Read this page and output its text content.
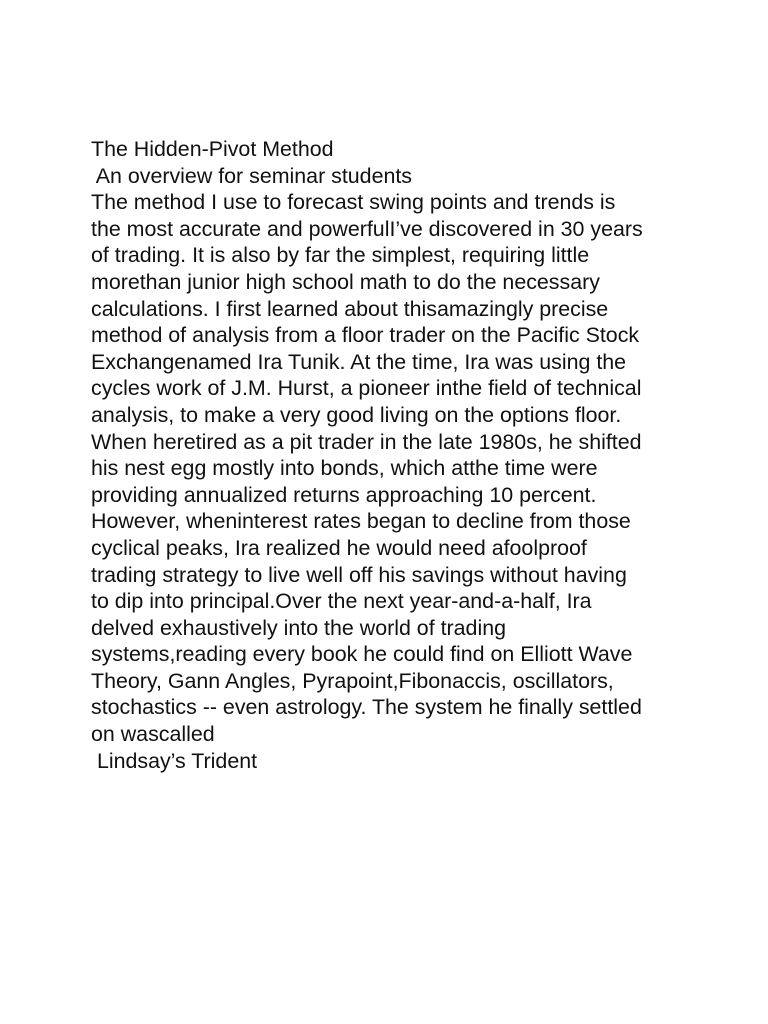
The Hidden-Pivot Method
An overview for seminar students
The method I use to forecast swing points and trends is
the most accurate and powerfulI’ve discovered in 30 years
of trading. It is also by far the simplest, requiring little
morethan junior high school math to do the necessary
calculations. I first learned about thisamazingly precise
method of analysis from a floor trader on the Pacific Stock
Exchangenamed Ira Tunik. At the time, Ira was using the
cycles work of J.M. Hurst, a pioneer inthe field of technical
analysis, to make a very good living on the options floor.
When heretired as a pit trader in the late 1980s, he shifted
his nest egg mostly into bonds, which atthe time were
providing annualized returns approaching 10 percent.
However, wheninterest rates began to decline from those
cyclical peaks, Ira realized he would need afoolproof
trading strategy to live well off his savings without having
to dip into principal.Over the next year-and-a-half, Ira
delved exhaustively into the world of trading
systems,reading every book he could find on Elliott Wave
Theory, Gann Angles, Pyrapoint,Fibonaccis, oscillators,
stochastics -- even astrology. The system he finally settled
on wascalled
Lindsay’s Trident
